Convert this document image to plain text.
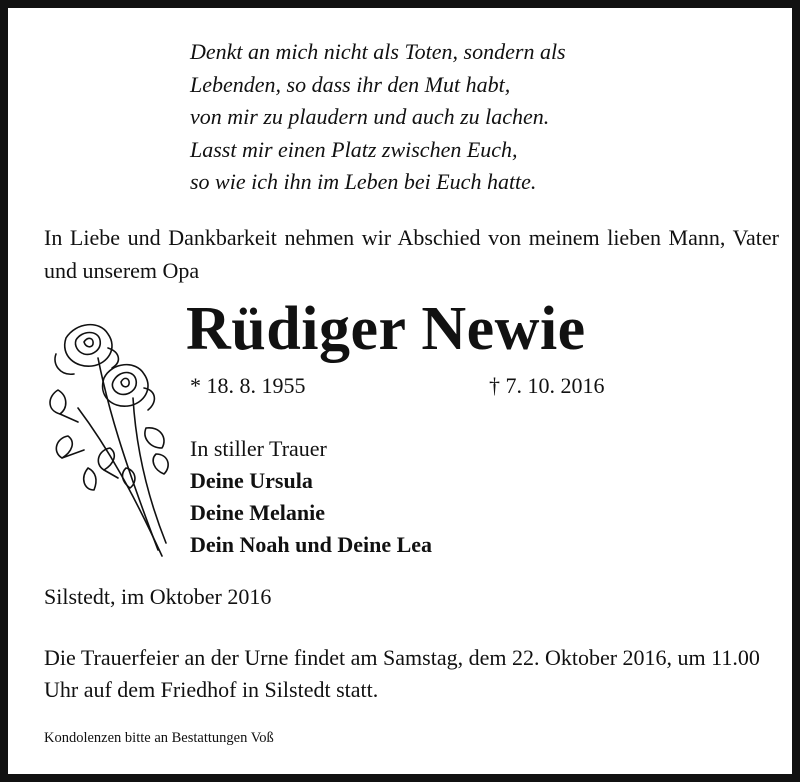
Denkt an mich nicht als Toten, sondern als
Lebenden, so dass ihr den Mut habt,
von mir zu plaudern und auch zu lachen.
Lasst mir einen Platz zwischen Euch,
so wie ich ihn im Leben bei Euch hatte.
In Liebe und Dankbarkeit nehmen wir Abschied von meinem lieben Mann, Vater und unserem Opa
Rüdiger Newie
* 18. 8. 1955	† 7. 10. 2016
In stiller Trauer
Deine Ursula
Deine Melanie
Dein Noah und Deine Lea
Silstedt, im Oktober 2016
Die Trauerfeier an der Urne findet am Samstag, dem 22. Oktober 2016, um 11.00 Uhr auf dem Friedhof in Silstedt statt.
Kondolenzen bitte an Bestattungen Voß
